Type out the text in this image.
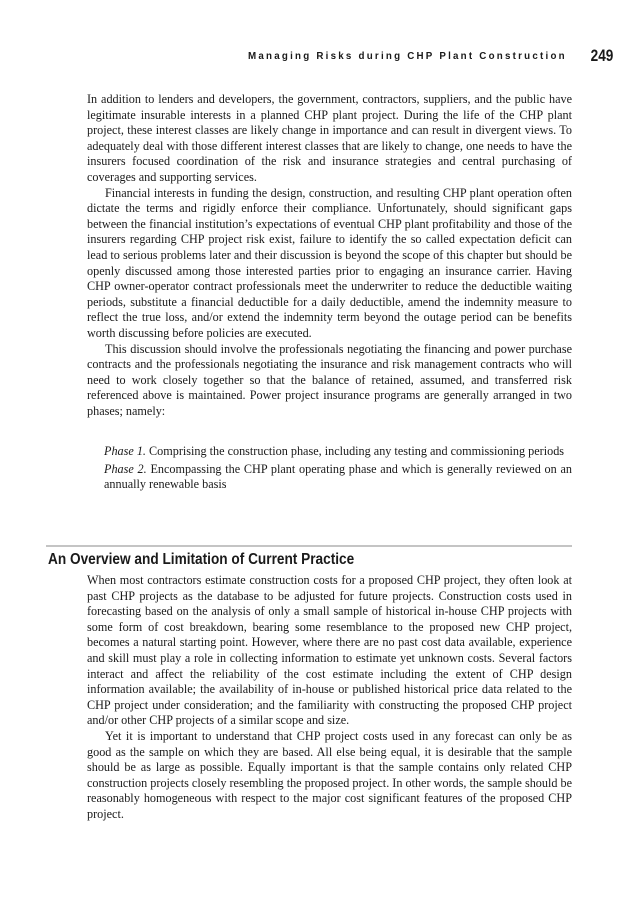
Managing Risks during CHP Plant Construction 249

In addition to lenders and developers, the government, contractors, suppliers, and the public have legitimate insurable interests in a planned CHP plant project. During the life of the CHP plant project, these interest classes are likely change in importance and can result in divergent views. To adequately deal with those different interest classes that are likely to change, one needs to have the insurers focused coordination of the risk and insurance strategies and central purchasing of coverages and supporting services.

Financial interests in funding the design, construction, and resulting CHP plant operation often dictate the terms and rigidly enforce their compliance. Unfortunately, should significant gaps between the financial institution’s expectations of eventual CHP plant profitability and those of the insurers regarding CHP project risk exist, failure to identify the so called expectation deficit can lead to serious problems later and their discussion is beyond the scope of this chapter but should be openly discussed among those interested parties prior to engaging an insurance carrier. Having CHP owner-operator contract professionals meet the underwriter to reduce the deductible waiting periods, substitute a financial deductible for a daily deductible, amend the indemnity measure to reflect the true loss, and/or extend the indemnity term beyond the outage period can be benefits worth discussing before policies are executed.

This discussion should involve the professionals negotiating the financing and power purchase contracts and the professionals negotiating the insurance and risk management contracts who will need to work closely together so that the balance of retained, assumed, and transferred risk referenced above is maintained. Power project insurance programs are generally arranged in two phases; namely:

Phase 1. Comprising the construction phase, including any testing and commissioning periods

Phase 2. Encompassing the CHP plant operating phase and which is generally reviewed on an annually renewable basis

An Overview and Limitation of Current Practice

When most contractors estimate construction costs for a proposed CHP project, they often look at past CHP projects as the database to be adjusted for future projects. Construction costs used in forecasting based on the analysis of only a small sample of historical in-house CHP projects with some form of cost breakdown, bearing some resemblance to the proposed new CHP project, becomes a natural starting point. However, where there are no past cost data available, experience and skill must play a role in collecting information to estimate yet unknown costs. Several factors interact and affect the reliability of the cost estimate including the extent of CHP design information available; the availability of in-house or published historical price data related to the CHP project under consideration; and the familiarity with constructing the proposed CHP project and/or other CHP projects of a similar scope and size.

Yet it is important to understand that CHP project costs used in any forecast can only be as good as the sample on which they are based. All else being equal, it is desirable that the sample should be as large as possible. Equally important is that the sample contains only related CHP construction projects closely resembling the proposed project. In other words, the sample should be reasonably homogeneous with respect to the major cost significant features of the proposed CHP project.
